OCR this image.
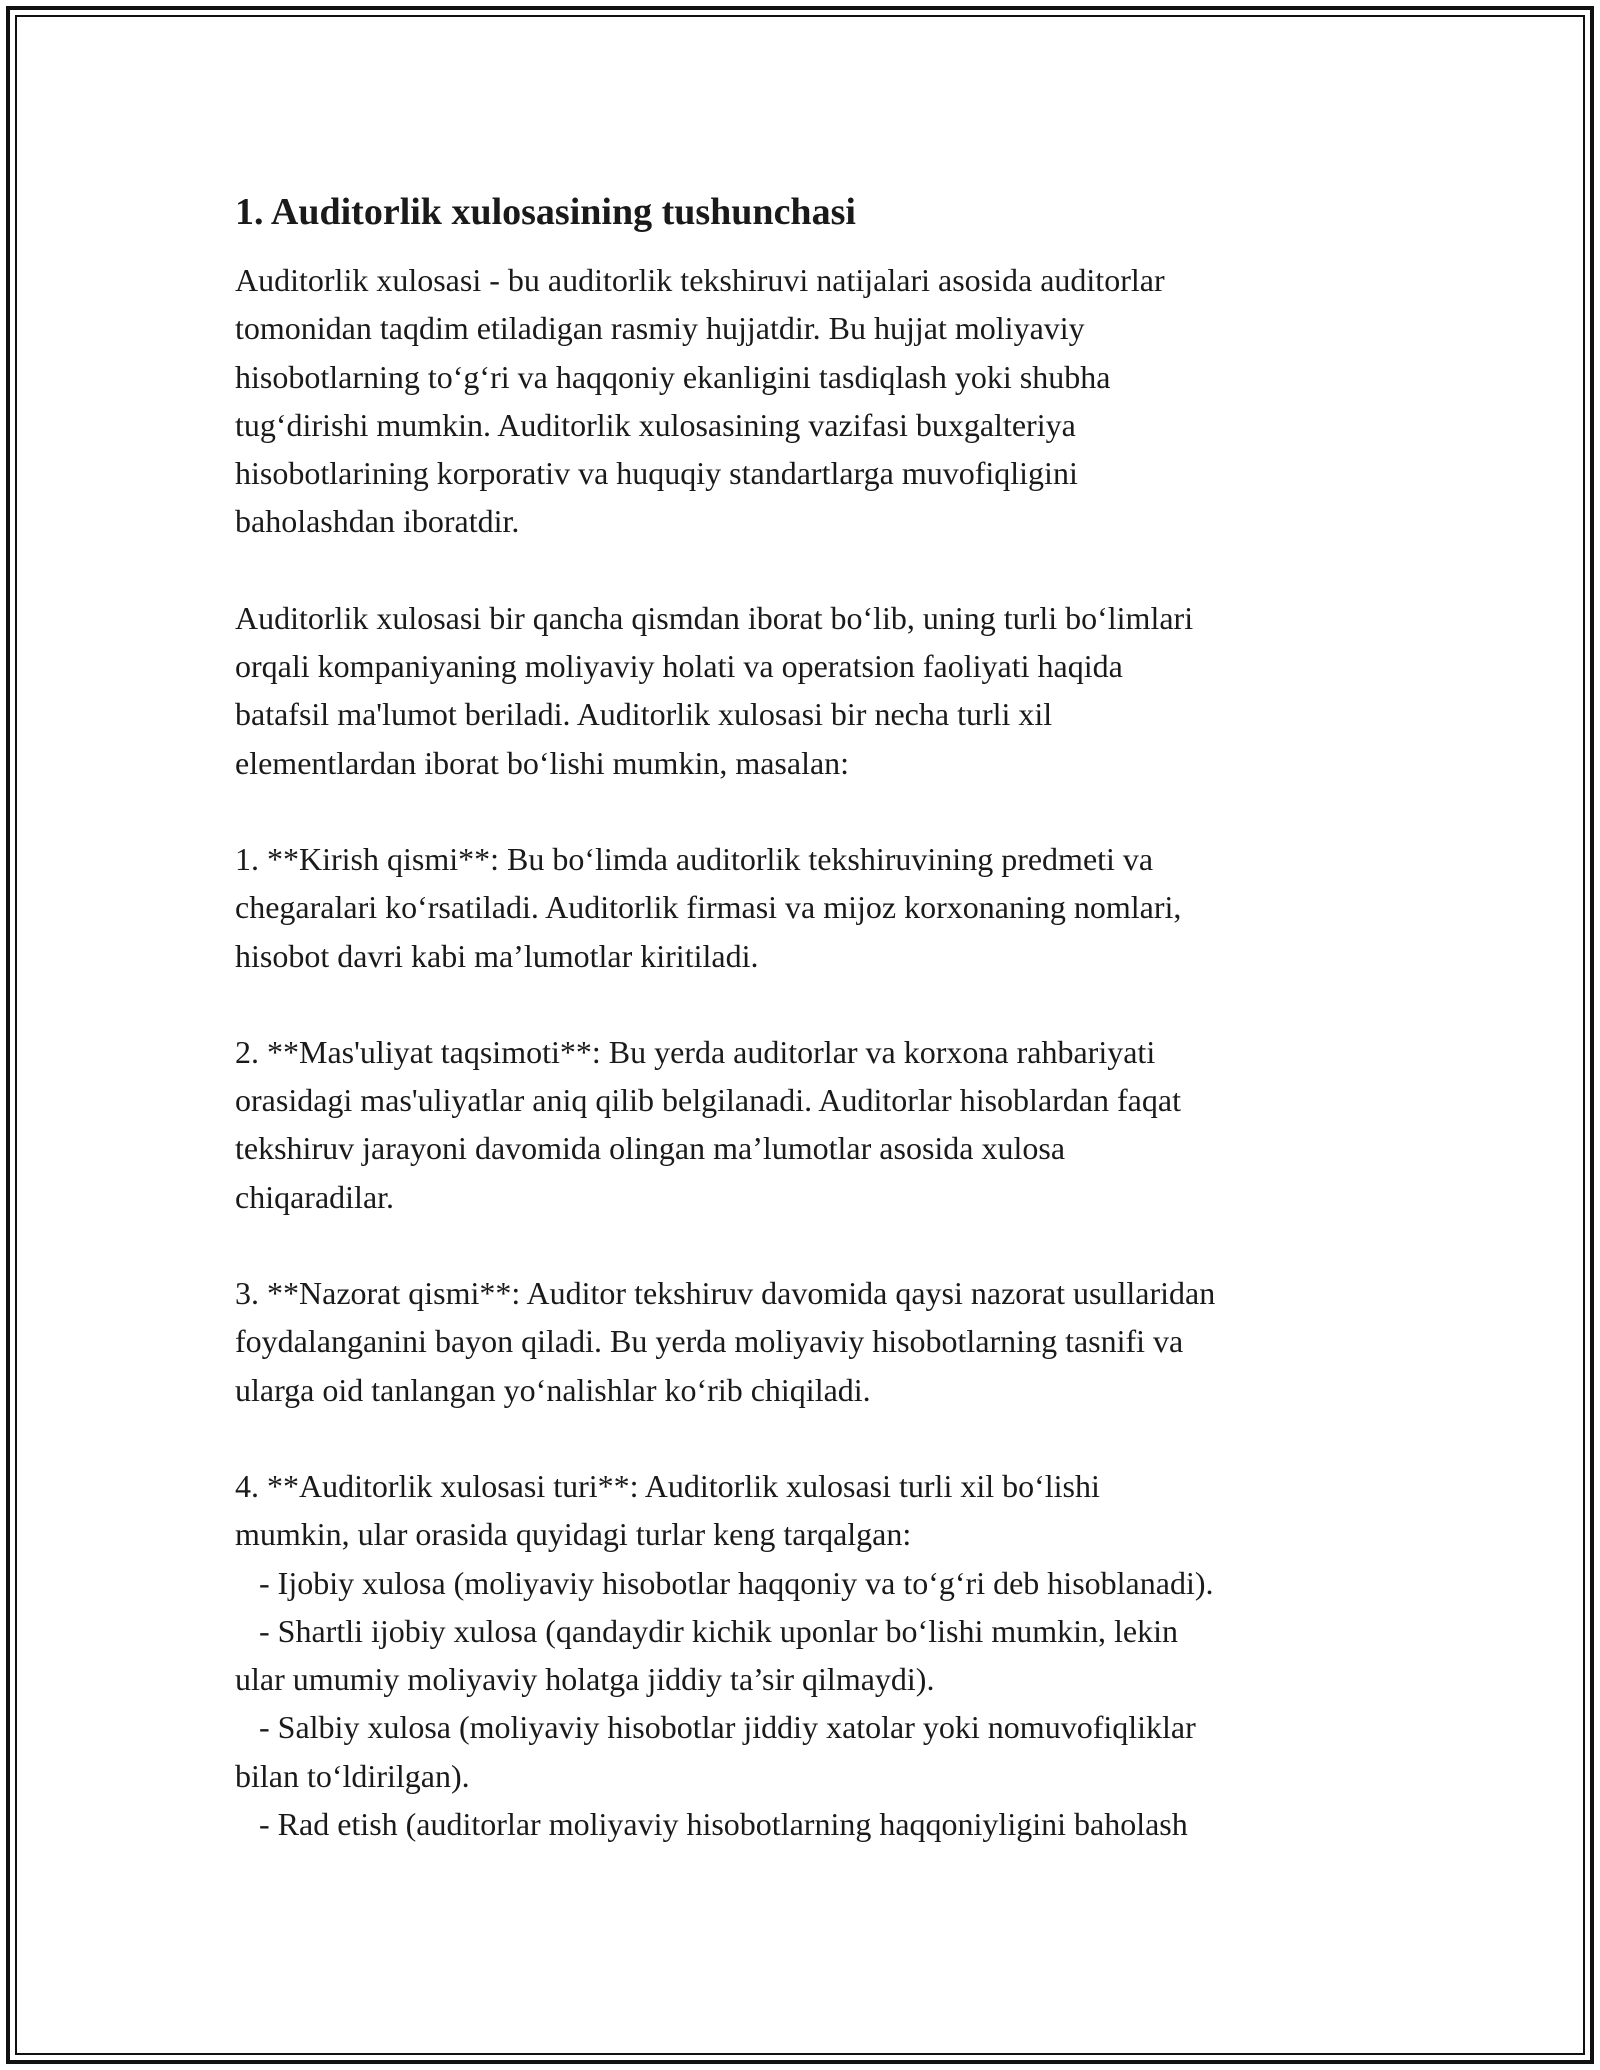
1. Auditorlik xulosasining tushunchasi

Auditorlik xulosasi - bu auditorlik tekshiruvi natijalari asosida auditorlar
tomonidan taqdim etiladigan rasmiy hujjatdir. Bu hujjat moliyaviy
hisobotlarning to‘g‘ri va haqqoniy ekanligini tasdiqlash yoki shubha
tug‘dirishi mumkin. Auditorlik xulosasining vazifasi buxgalteriya
hisobotlarining korporativ va huquqiy standartlarga muvofiqligini
baholashdan iboratdir.

Auditorlik xulosasi bir qancha qismdan iborat bo‘lib, uning turli bo‘limlari
orqali kompaniyaning moliyaviy holati va operatsion faoliyati haqida
batafsil ma'lumot beriladi. Auditorlik xulosasi bir necha turli xil
elementlardan iborat bo‘lishi mumkin, masalan:

1. **Kirish qismi**: Bu bo‘limda auditorlik tekshiruvining predmeti va
chegaralari ko‘rsatiladi. Auditorlik firmasi va mijoz korxonaning nomlari,
hisobot davri kabi ma’lumotlar kiritiladi.

2. **Mas'uliyat taqsimoti**: Bu yerda auditorlar va korxona rahbariyati
orasidagi mas'uliyatlar aniq qilib belgilanadi. Auditorlar hisoblardan faqat
tekshiruv jarayoni davomida olingan ma’lumotlar asosida xulosa
chiqaradilar.

3. **Nazorat qismi**: Auditor tekshiruv davomida qaysi nazorat usullaridan
foydalanganini bayon qiladi. Bu yerda moliyaviy hisobotlarning tasnifi va
ularga oid tanlangan yo‘nalishlar ko‘rib chiqiladi.

4. **Auditorlik xulosasi turi**: Auditorlik xulosasi turli xil bo‘lishi
mumkin, ular orasida quyidagi turlar keng tarqalgan:
- Ijobiy xulosa (moliyaviy hisobotlar haqqoniy va to‘g‘ri deb hisoblanadi).
- Shartli ijobiy xulosa (qandaydir kichik uponlar bo‘lishi mumkin, lekin
ular umumiy moliyaviy holatga jiddiy ta’sir qilmaydi).
- Salbiy xulosa (moliyaviy hisobotlar jiddiy xatolar yoki nomuvofiqliklar
bilan to‘ldirilgan).
- Rad etish (auditorlar moliyaviy hisobotlarning haqqoniyligini baholash
